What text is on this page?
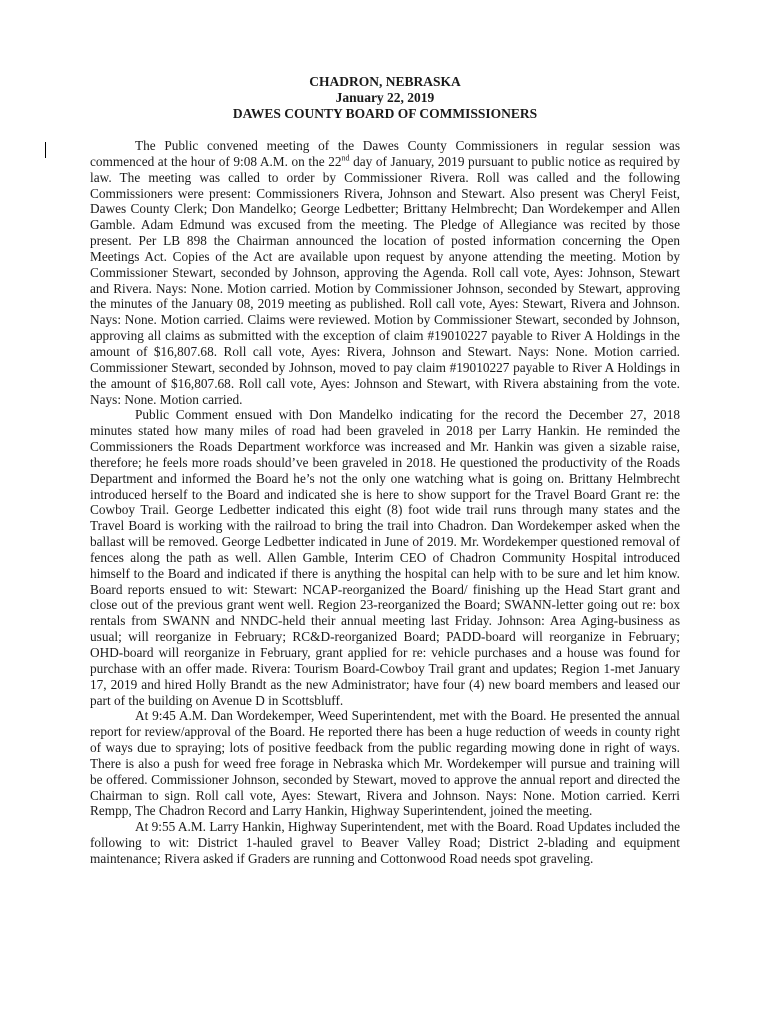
CHADRON, NEBRASKA
January 22, 2019
DAWES COUNTY BOARD OF COMMISSIONERS

The Public convened meeting of the Dawes County Commissioners in regular session was commenced at the hour of 9:08 A.M. on the 22nd day of January, 2019 pursuant to public notice as required by law. The meeting was called to order by Commissioner Rivera. Roll was called and the following Commissioners were present: Commissioners Rivera, Johnson and Stewart. Also present was Cheryl Feist, Dawes County Clerk; Don Mandelko; George Ledbetter; Brittany Helmbrecht; Dan Wordekemper and Allen Gamble. Adam Edmund was excused from the meeting. The Pledge of Allegiance was recited by those present. Per LB 898 the Chairman announced the location of posted information concerning the Open Meetings Act. Copies of the Act are available upon request by anyone attending the meeting. Motion by Commissioner Stewart, seconded by Johnson, approving the Agenda. Roll call vote, Ayes: Johnson, Stewart and Rivera. Nays: None. Motion carried. Motion by Commissioner Johnson, seconded by Stewart, approving the minutes of the January 08, 2019 meeting as published. Roll call vote, Ayes: Stewart, Rivera and Johnson. Nays: None. Motion carried. Claims were reviewed. Motion by Commissioner Stewart, seconded by Johnson, approving all claims as submitted with the exception of claim #19010227 payable to River A Holdings in the amount of $16,807.68. Roll call vote, Ayes: Rivera, Johnson and Stewart. Nays: None. Motion carried. Commissioner Stewart, seconded by Johnson, moved to pay claim #19010227 payable to River A Holdings in the amount of $16,807.68. Roll call vote, Ayes: Johnson and Stewart, with Rivera abstaining from the vote. Nays: None. Motion carried.

Public Comment ensued with Don Mandelko indicating for the record the December 27, 2018 minutes stated how many miles of road had been graveled in 2018 per Larry Hankin. He reminded the Commissioners the Roads Department workforce was increased and Mr. Hankin was given a sizable raise, therefore; he feels more roads should’ve been graveled in 2018. He questioned the productivity of the Roads Department and informed the Board he’s not the only one watching what is going on. Brittany Helmbrecht introduced herself to the Board and indicated she is here to show support for the Travel Board Grant re: the Cowboy Trail. George Ledbetter indicated this eight (8) foot wide trail runs through many states and the Travel Board is working with the railroad to bring the trail into Chadron. Dan Wordekemper asked when the ballast will be removed. George Ledbetter indicated in June of 2019. Mr. Wordekemper questioned removal of fences along the path as well. Allen Gamble, Interim CEO of Chadron Community Hospital introduced himself to the Board and indicated if there is anything the hospital can help with to be sure and let him know. Board reports ensued to wit: Stewart: NCAP-reorganized the Board/ finishing up the Head Start grant and close out of the previous grant went well. Region 23-reorganized the Board; SWANN-letter going out re: box rentals from SWANN and NNDC-held their annual meeting last Friday. Johnson: Area Aging-business as usual; will reorganize in February; RC&D-reorganized Board; PADD-board will reorganize in February; OHD-board will reorganize in February, grant applied for re: vehicle purchases and a house was found for purchase with an offer made. Rivera: Tourism Board-Cowboy Trail grant and updates; Region 1-met January 17, 2019 and hired Holly Brandt as the new Administrator; have four (4) new board members and leased our part of the building on Avenue D in Scottsbluff.

At 9:45 A.M. Dan Wordekemper, Weed Superintendent, met with the Board. He presented the annual report for review/approval of the Board. He reported there has been a huge reduction of weeds in county right of ways due to spraying; lots of positive feedback from the public regarding mowing done in right of ways. There is also a push for weed free forage in Nebraska which Mr. Wordekemper will pursue and training will be offered. Commissioner Johnson, seconded by Stewart, moved to approve the annual report and directed the Chairman to sign. Roll call vote, Ayes: Stewart, Rivera and Johnson. Nays: None. Motion carried. Kerri Rempp, The Chadron Record and Larry Hankin, Highway Superintendent, joined the meeting.

At 9:55 A.M. Larry Hankin, Highway Superintendent, met with the Board. Road Updates included the following to wit: District 1-hauled gravel to Beaver Valley Road; District 2-blading and equipment maintenance; Rivera asked if Graders are running and Cottonwood Road needs spot graveling.
